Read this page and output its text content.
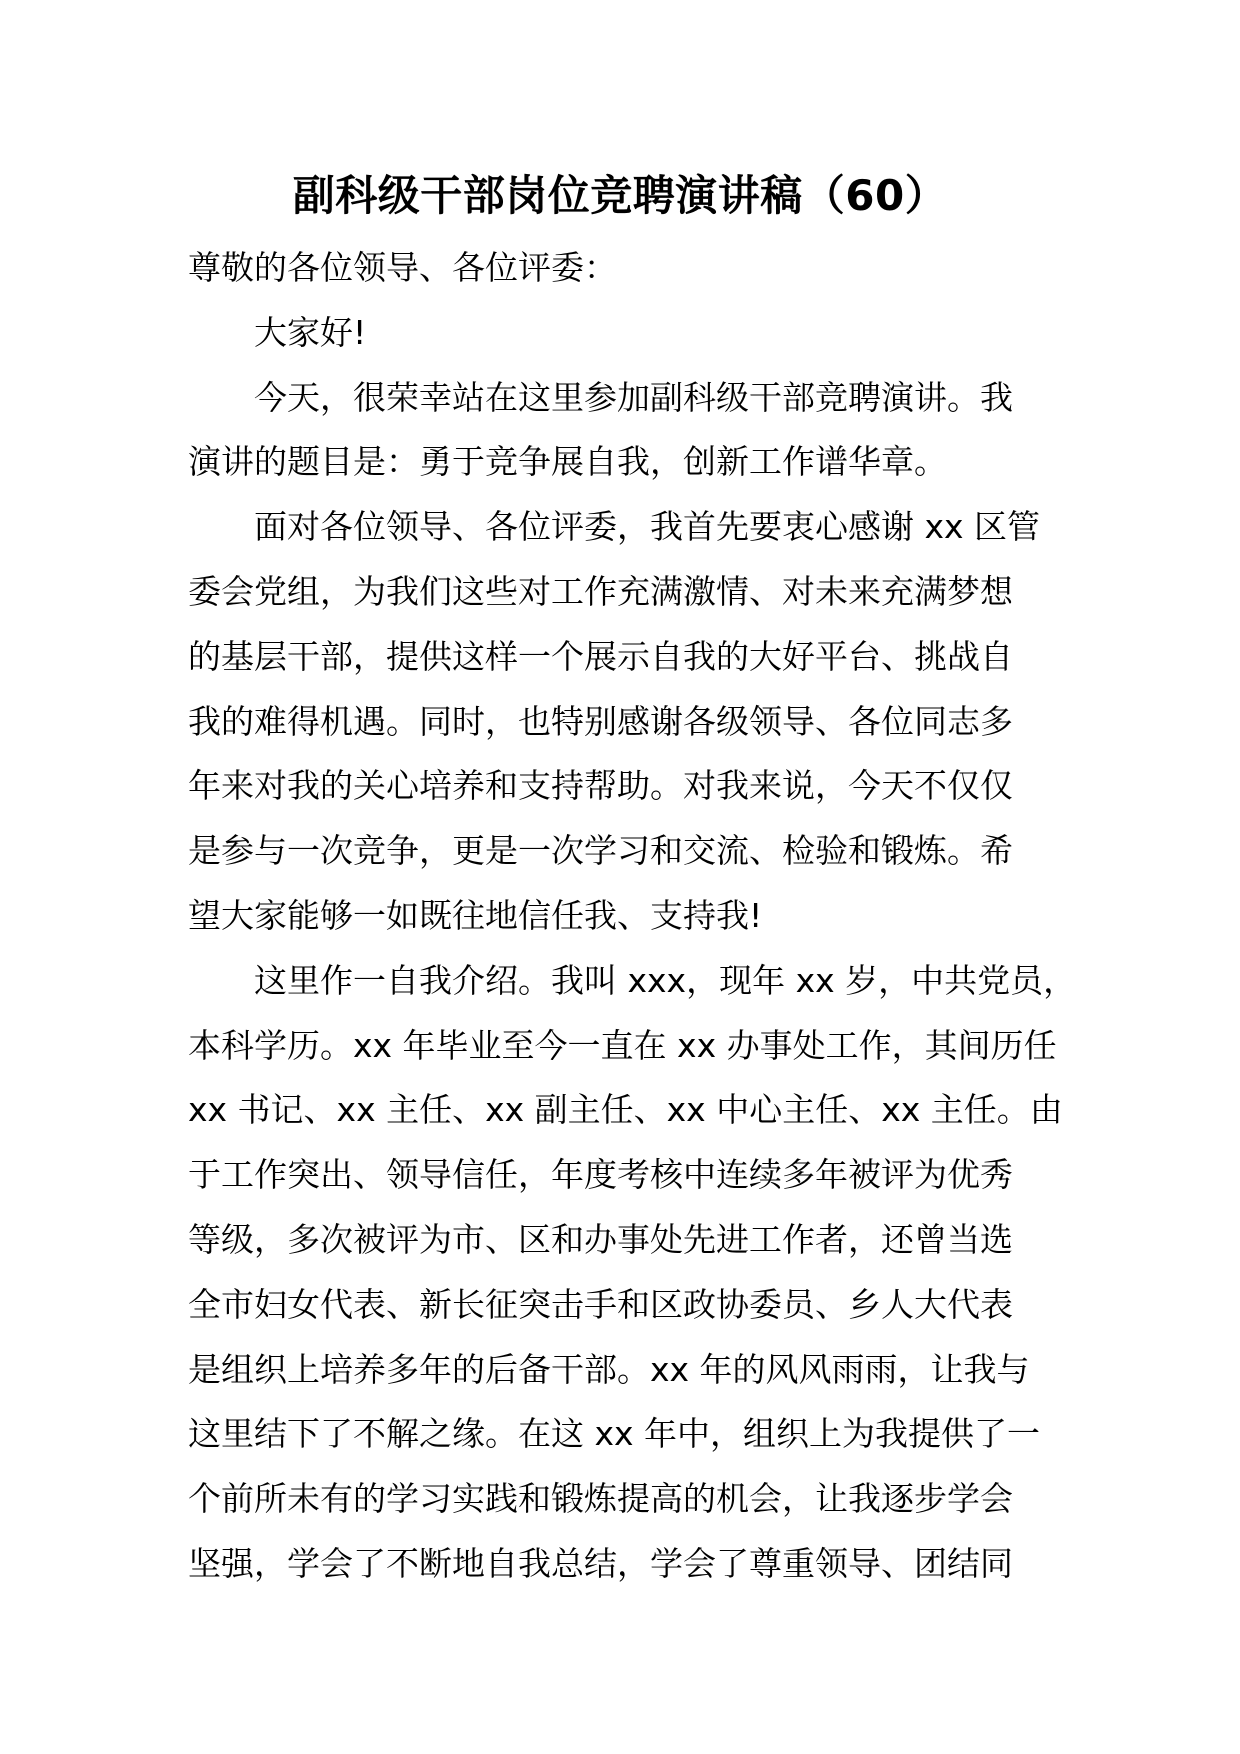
副科级干部岗位竞聘演讲稿（60）
尊敬的各位领导、各位评委：
大家好!
今天，很荣幸站在这里参加副科级干部竞聘演讲。我
演讲的题目是：勇于竞争展自我，创新工作谱华章。
面对各位领导、各位评委，我首先要衷心感谢 xx 区管
委会党组，为我们这些对工作充满激情、对未来充满梦想
的基层干部，提供这样一个展示自我的大好平台、挑战自
我的难得机遇。同时，也特别感谢各级领导、各位同志多
年来对我的关心培养和支持帮助。对我来说，今天不仅仅
是参与一次竞争，更是一次学习和交流、检验和锻炼。希
望大家能够一如既往地信任我、支持我!
这里作一自我介绍。我叫 xxx，现年 xx 岁，中共党员，
本科学历。xx 年毕业至今一直在 xx 办事处工作，其间历任
xx 书记、xx 主任、xx 副主任、xx 中心主任、xx 主任。由
于工作突出、领导信任，年度考核中连续多年被评为优秀
等级，多次被评为市、区和办事处先进工作者，还曾当选
全市妇女代表、新长征突击手和区政协委员、乡人大代表
是组织上培养多年的后备干部。xx 年的风风雨雨，让我与
这里结下了不解之缘。在这 xx 年中，组织上为我提供了一
个前所未有的学习实践和锻炼提高的机会，让我逐步学会
坚强，学会了不断地自我总结，学会了尊重领导、团结同
